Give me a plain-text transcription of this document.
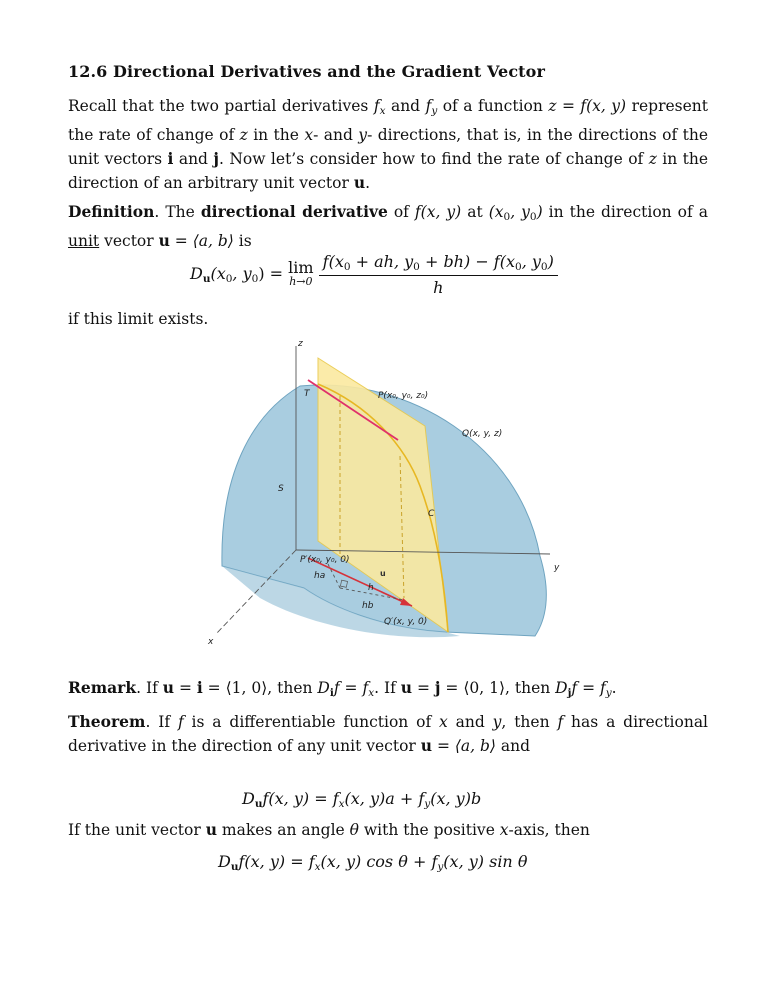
12.6 Directional Derivatives and the Gradient Vector

Recall that the two partial derivatives fx and fy of a function z = f(x, y) represent the rate of change of z in the x- and y- directions, that is, in the directions of the unit vectors i and j. Now let’s consider how to find the rate of change of z in the direction of an arbitrary unit vector u.

Definition. The directional derivative of f(x, y) at ($x_0$, $y_0$) in the direction of a unit vector u = ⟨a, b⟩ is

$D_u(x_0$, $y_0) = \lim$
h→0
$\frac{f(x_0 + ah, y_0 + bh) - f(x_0, y_0)}{h}$

if this limit exists.

z
T	P(x₀, y₀, z₀)
Q(x, y, z)
S
C
P′(x₀, y₀, 0)
u
y
ha
h
hb
Q′(x, y, 0)
x

Remark. If u = i = ⟨1, 0⟩, then $D_if$ = fx. If u = j = ⟨0, 1⟩, then $D_jf$ = fy.

Theorem. If f is a differentiable function of x and y, then f has a directional derivative in the direction of any unit vector u = ⟨a, b⟩ and

$D_uf(x$, y) = fx(x, y)a + fy(x, y)b

If the unit vector u makes an angle θ with the positive x-axis, then

$D_uf(x$, y) = fx(x, y) cos θ + fy(x, y) sin θ
